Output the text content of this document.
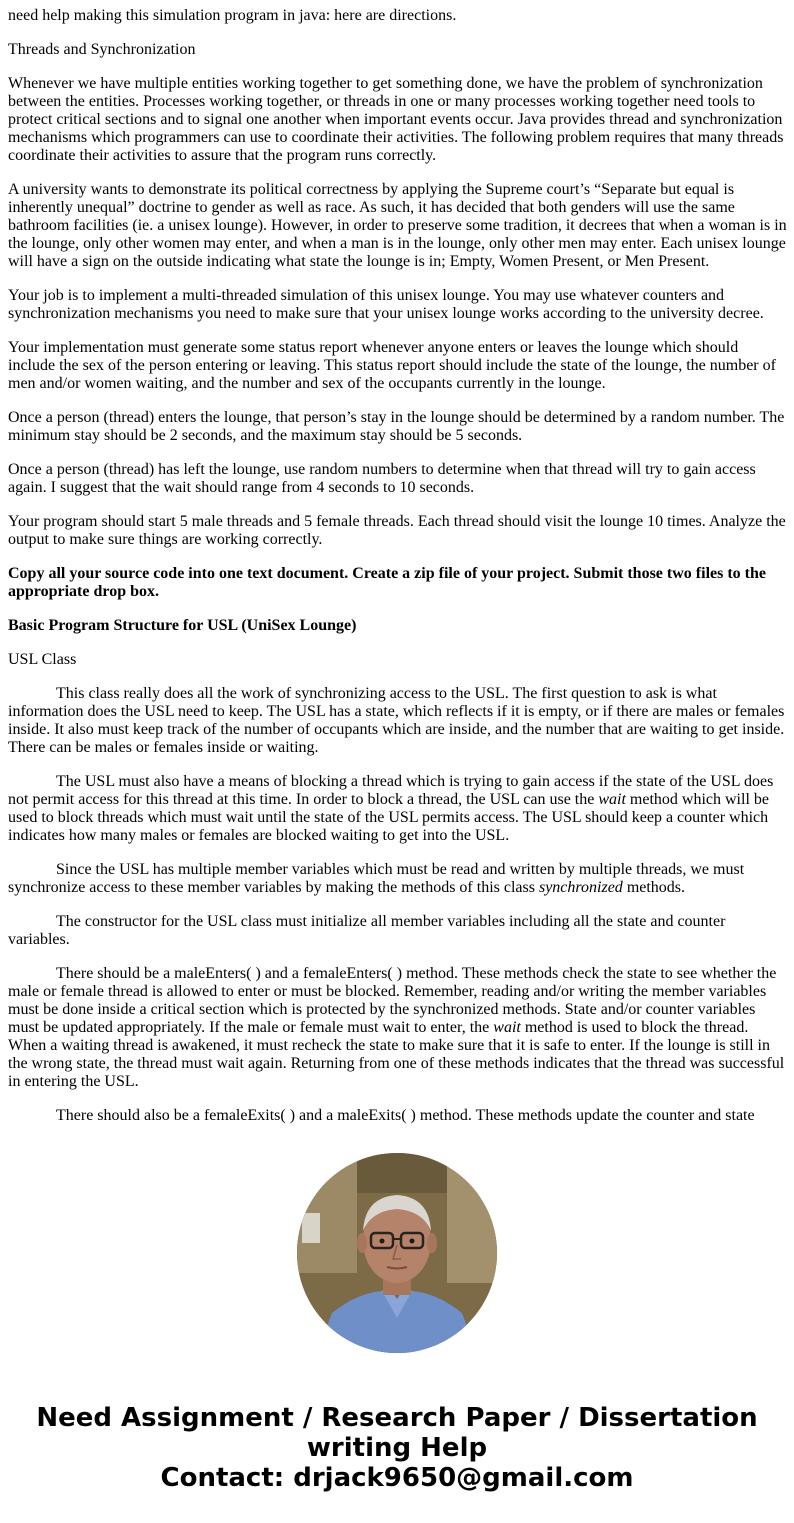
need help making this simulation program in java: here are directions.

Threads and Synchronization

Whenever we have multiple entities working together to get something done, we have the problem of synchronization between the entities. Processes working together, or threads in one or many processes working together need tools to protect critical sections and to signal one another when important events occur. Java provides thread and synchronization mechanisms which programmers can use to coordinate their activities. The following problem requires that many threads coordinate their activities to assure that the program runs correctly.

A university wants to demonstrate its political correctness by applying the Supreme court’s “Separate but equal is inherently unequal” doctrine to gender as well as race. As such, it has decided that both genders will use the same bathroom facilities (ie. a unisex lounge). However, in order to preserve some tradition, it decrees that when a woman is in the lounge, only other women may enter, and when a man is in the lounge, only other men may enter. Each unisex lounge will have a sign on the outside indicating what state the lounge is in; Empty, Women Present, or Men Present.

Your job is to implement a multi-threaded simulation of this unisex lounge. You may use whatever counters and synchronization mechanisms you need to make sure that your unisex lounge works according to the university decree.

Your implementation must generate some status report whenever anyone enters or leaves the lounge which should include the sex of the person entering or leaving. This status report should include the state of the lounge, the number of men and/or women waiting, and the number and sex of the occupants currently in the lounge.

Once a person (thread) enters the lounge, that person’s stay in the lounge should be determined by a random number. The minimum stay should be 2 seconds, and the maximum stay should be 5 seconds.

Once a person (thread) has left the lounge, use random numbers to determine when that thread will try to gain access again. I suggest that the wait should range from 4 seconds to 10 seconds.

Your program should start 5 male threads and 5 female threads. Each thread should visit the lounge 10 times. Analyze the output to make sure things are working correctly.

Copy all your source code into one text document. Create a zip file of your project. Submit those two files to the appropriate drop box.

Basic Program Structure for USL (UniSex Lounge)

USL Class

This class really does all the work of synchronizing access to the USL. The first question to ask is what information does the USL need to keep. The USL has a state, which reflects if it is empty, or if there are males or females inside. It also must keep track of the number of occupants which are inside, and the number that are waiting to get inside. There can be males or females inside or waiting.

The USL must also have a means of blocking a thread which is trying to gain access if the state of the USL does not permit access for this thread at this time. In order to block a thread, the USL can use the wait method which will be used to block threads which must wait until the state of the USL permits access. The USL should keep a counter which indicates how many males or females are blocked waiting to get into the USL.

Since the USL has multiple member variables which must be read and written by multiple threads, we must synchronize access to these member variables by making the methods of this class synchronized methods.

The constructor for the USL class must initialize all member variables including all the state and counter variables.

There should be a maleEnters( ) and a femaleEnters( ) method. These methods check the state to see whether the male or female thread is allowed to enter or must be blocked. Remember, reading and/or writing the member variables must be done inside a critical section which is protected by the synchronized methods. State and/or counter variables must be updated appropriately. If the male or female must wait to enter, the wait method is used to block the thread. When a waiting thread is awakened, it must recheck the state to make sure that it is safe to enter. If the lounge is still in the wrong state, the thread must wait again. Returning from one of these methods indicates that the thread was successful in entering the USL.

There should also be a femaleExits( ) and a maleExits( ) method. These methods update the counter and state

Need Assignment / Research Paper / Dissertation
writing Help
Contact: drjack9650@gmail.com
